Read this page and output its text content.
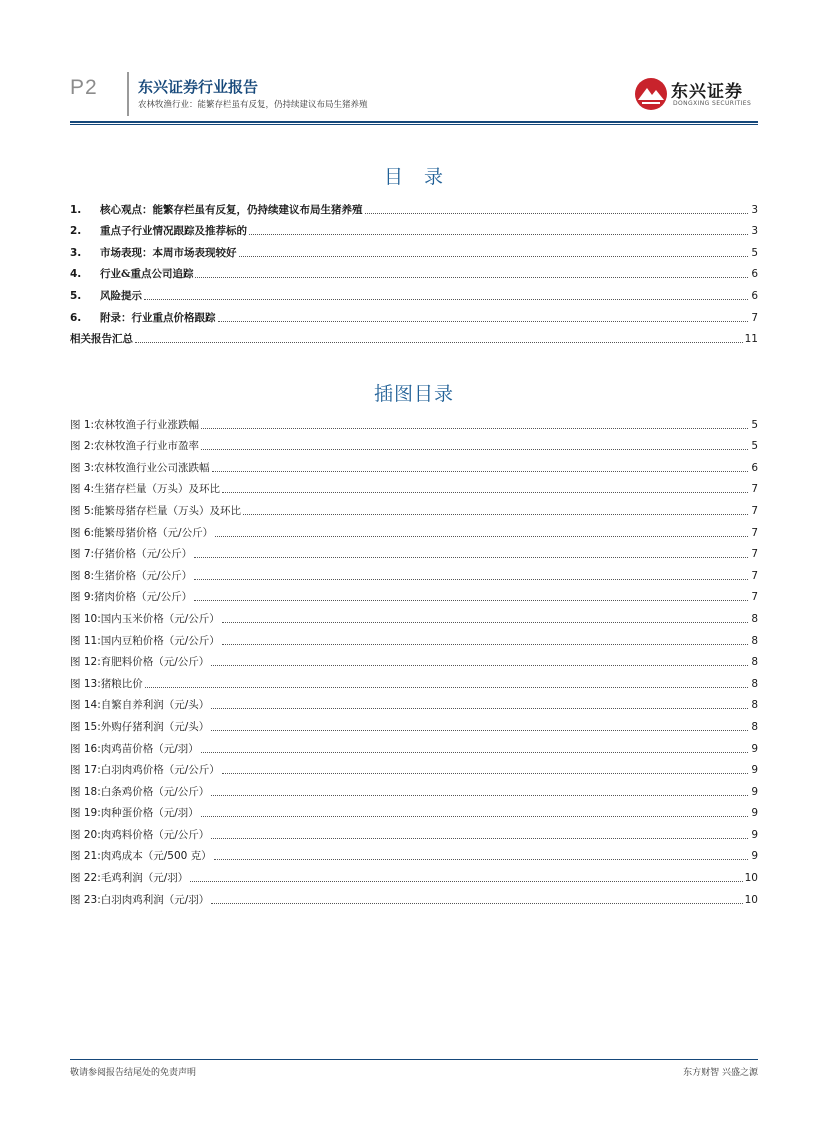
P2	东兴证券行业报告
农林牧渔行业：能繁存栏虽有反复，仍持续建议布局生猪养殖
东兴证券
DONGXING SECURITIES
目　录
1.	核心观点：能繁存栏虽有反复，仍持续建议布局生猪养殖	3
2.	重点子行业情况跟踪及推荐标的	3
3.	市场表现：本周市场表现较好	5
4.	行业&重点公司追踪	6
5.	风险提示	6
6.	附录：行业重点价格跟踪	7
相关报告汇总	11
插图目录
图 1:农林牧渔子行业涨跌幅	5
图 2:农林牧渔子行业市盈率	5
图 3:农林牧渔行业公司涨跌幅	6
图 4:生猪存栏量（万头）及环比	7
图 5:能繁母猪存栏量（万头）及环比	7
图 6:能繁母猪价格（元/公斤）	7
图 7:仔猪价格（元/公斤）	7
图 8:生猪价格（元/公斤）	7
图 9:猪肉价格（元/公斤）	7
图 10:国内玉米价格（元/公斤）	8
图 11:国内豆粕价格（元/公斤）	8
图 12:育肥料价格（元/公斤）	8
图 13:猪粮比价	8
图 14:自繁自养利润（元/头）	8
图 15:外购仔猪利润（元/头）	8
图 16:肉鸡苗价格（元/羽）	9
图 17:白羽肉鸡价格（元/公斤）	9
图 18:白条鸡价格（元/公斤）	9
图 19:肉种蛋价格（元/羽）	9
图 20:肉鸡料价格（元/公斤）	9
图 21:肉鸡成本（元/500 克）	9
图 22:毛鸡利润（元/羽）	10
图 23:白羽肉鸡利润（元/羽）	10
敬请参阅报告结尾处的免责声明	东方财智 兴盛之源
